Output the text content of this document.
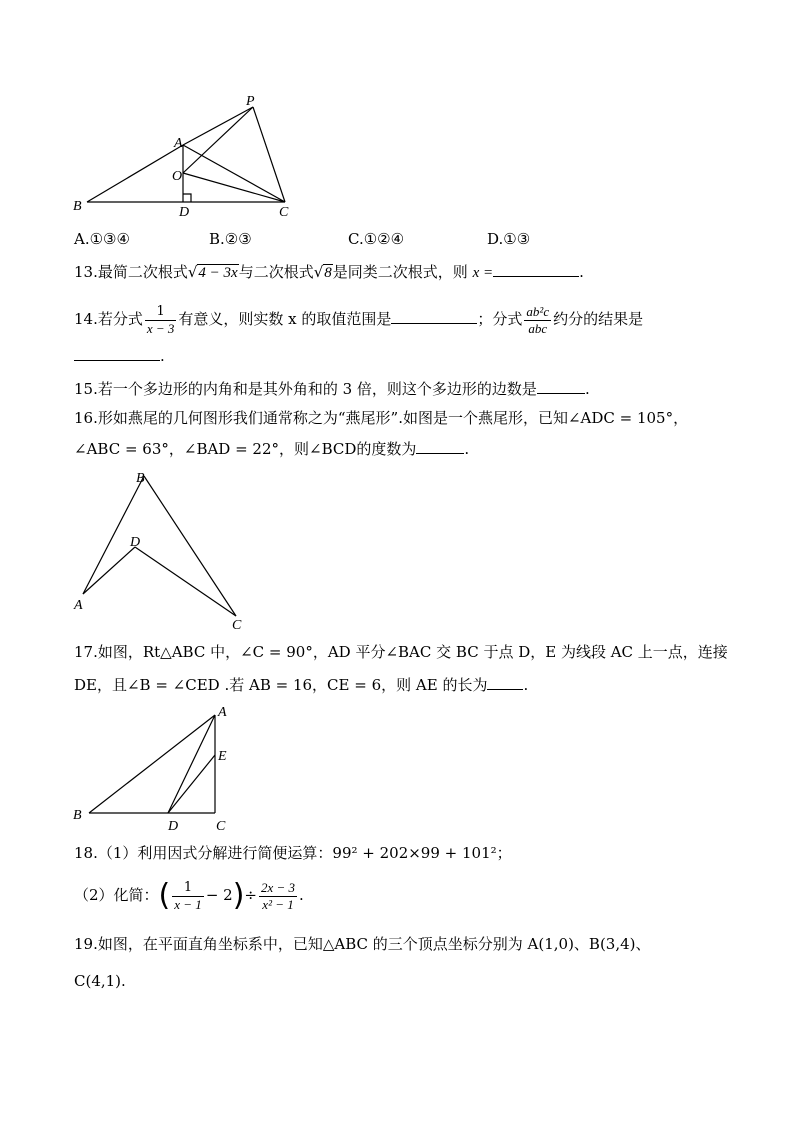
P
A
O
B	D	C
A.①③④	B.②③	C.①②④	D.①③
13.最简二次根式√4 − 3x与二次根式√8是同类二次根式，则 x =	.
14.若分式 $\frac{1}{x - 3}$ 有意义，则实数 x 的取值范围是	；分式 $\frac{\text{ab²c}}{\text{abc}}$ 约分的结果是
.
15.若一个多边形的内角和是其外角和的 3 倍，则这个多边形的边数是	.
16.形如燕尾的几何图形我们通常称之为“燕尾形”.如图是一个燕尾形，已知∠ADC = 105°，
∠ABC = 63°，∠BAD = 22°，则∠BCD的度数为	.
B
D
A
C
17.如图，Rt△ABC 中，∠C = 90°，AD 平分∠BAC 交 BC 于点 D，E 为线段 AC 上一点，连接
DE，且∠B = ∠CED .若 AB = 16，CE = 6，则 AE 的长为 .
A
E
B
D	C
18.（1）利用因式分解进行简便运算：99² + 202×99 + 101²；
（2）化简：( $\frac{1}{x - 1} - 2)\div \frac{2x - 3}{\text{x² − 1}}$ .
19.如图，在平面直角坐标系中，已知△ABC 的三个顶点坐标分别为 A(1,0)、B(3,4)、
C(4,1).
